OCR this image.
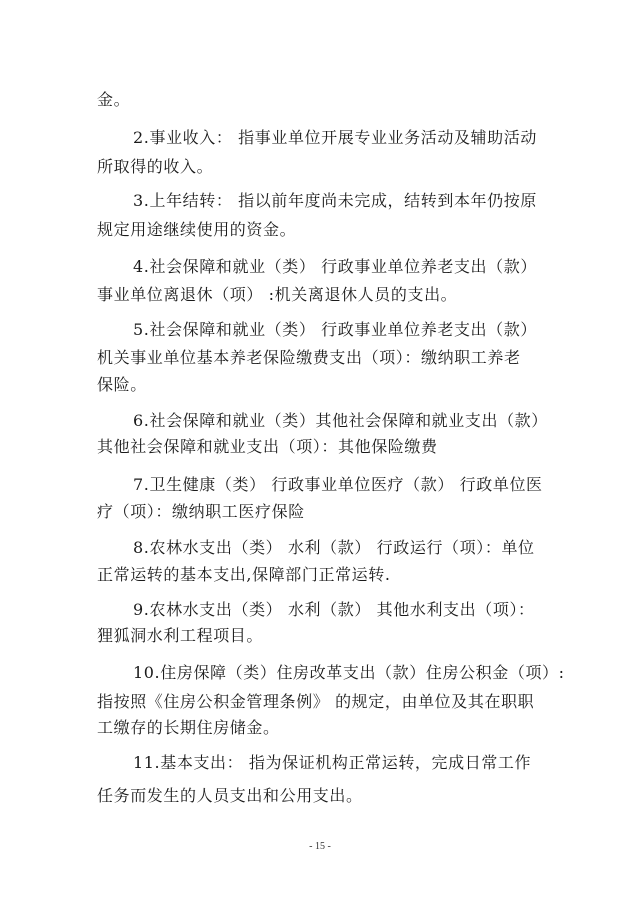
金。
2.事业收入： 指事业单位开展专业业务活动及辅助活动
所取得的收入。
3.上年结转： 指以前年度尚未完成，结转到本年仍按原
规定用途继续使用的资金。
4.社会保障和就业（类） 行政事业单位养老支出（款）
事业单位离退休（项） :机关离退休人员的支出。
5.社会保障和就业（类） 行政事业单位养老支出（款）
机关事业单位基本养老保险缴费支出（项）：缴纳职工养老
保险。
6.社会保障和就业（类）其他社会保障和就业支出（款）
其他社会保障和就业支出（项）：其他保险缴费
7.卫生健康（类） 行政事业单位医疗（款） 行政单位医
疗（项）：缴纳职工医疗保险
8.农林水支出（类） 水利（款） 行政运行（项）：单位
正常运转的基本支出,保障部门正常运转.
9.农林水支出（类） 水利（款） 其他水利支出（项）：
狸狐洞水利工程项目。
10.住房保障（类）住房改革支出（款）住房公积金（项）:
指按照《住房公积金管理条例》 的规定，由单位及其在职职
工缴存的长期住房储金。
11.基本支出： 指为保证机构正常运转，完成日常工作
任务而发生的人员支出和公用支出。
- 15 -
